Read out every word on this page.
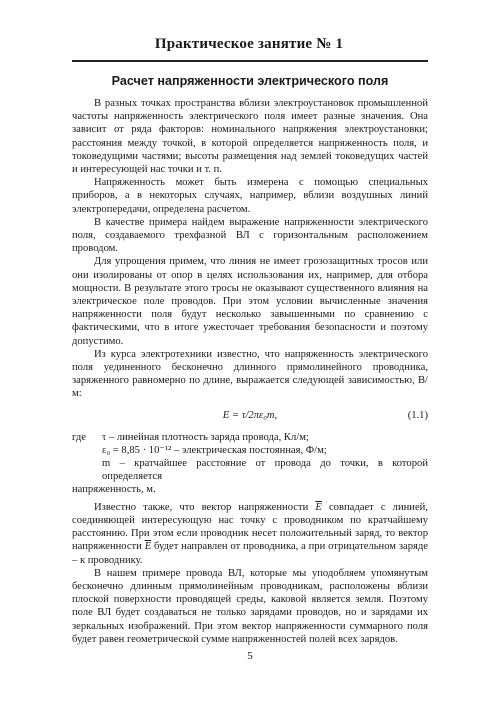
Практическое занятие № 1
Расчет напряженности электрического поля

В разных точках пространства вблизи электроустановок промышленной частоты напряженность электрического поля имеет разные значения. Она зависит от ряда факторов: номинального напряжения электроустановки; расстояния между точкой, в которой определяется напряженность поля, и токоведущими частями; высоты размещения над землей токоведущих частей и интересующей нас точки и т. п.

Напряженность может быть измерена с помощью специальных приборов, а в некоторых случаях, например, вблизи воздушных линий электропередачи, определена расчетом.

В качестве примера найдем выражение напряженности электрического поля, создаваемого трехфазной ВЛ с горизонтальным расположением проводом.

Для упрощения примем, что линия не имеет грозозащитных тросов или они изолированы от опор в целях использования их, например, для отбора мощности. В результате этого тросы не оказывают существенного влияния на электрическое поле проводов. При этом условии вычисленные значения напряженности поля будут несколько завышенными по сравнению с фактическими, что в итоге ужесточает требования безопасности и поэтому допустимо.

Из курса электротехники известно, что напряженность электрического поля уединенного бесконечно длинного прямолинейного проводника, заряженного равномерно по длине, выражается следующей зависимостью, В/м:

E = τ/2πε₀m,	(1.1)
где	τ – линейная плотность заряда провода, Кл/м;
ε₀ = 8,85 · 10⁻¹² – электрическая постоянная, Ф/м;
m – кратчайшее расстояние от провода до точки, в которой определяется
напряженность, м.

Известно также, что вектор напряженности $\overline{E}$ совпадает с линией, соединяющей интересующую нас точку с проводником по кратчайшему расстоянию. При этом если проводник несет положительный заряд, то вектор напряженности $\overline{E}$ будет направлен от проводника, а при отрицательном заряде – к проводнику.

В нашем примере провода ВЛ, которые мы уподобляем упомянутым бесконечно длинным прямолинейным проводникам, расположены вблизи плоской поверхности проводящей среды, каковой является земля. Поэтому поле ВЛ будет создаваться не только зарядами проводов, но и зарядами их зеркальных изображений. При этом вектор напряженности суммарного поля будет равен геометрической сумме напряженностей полей всех зарядов.

5
